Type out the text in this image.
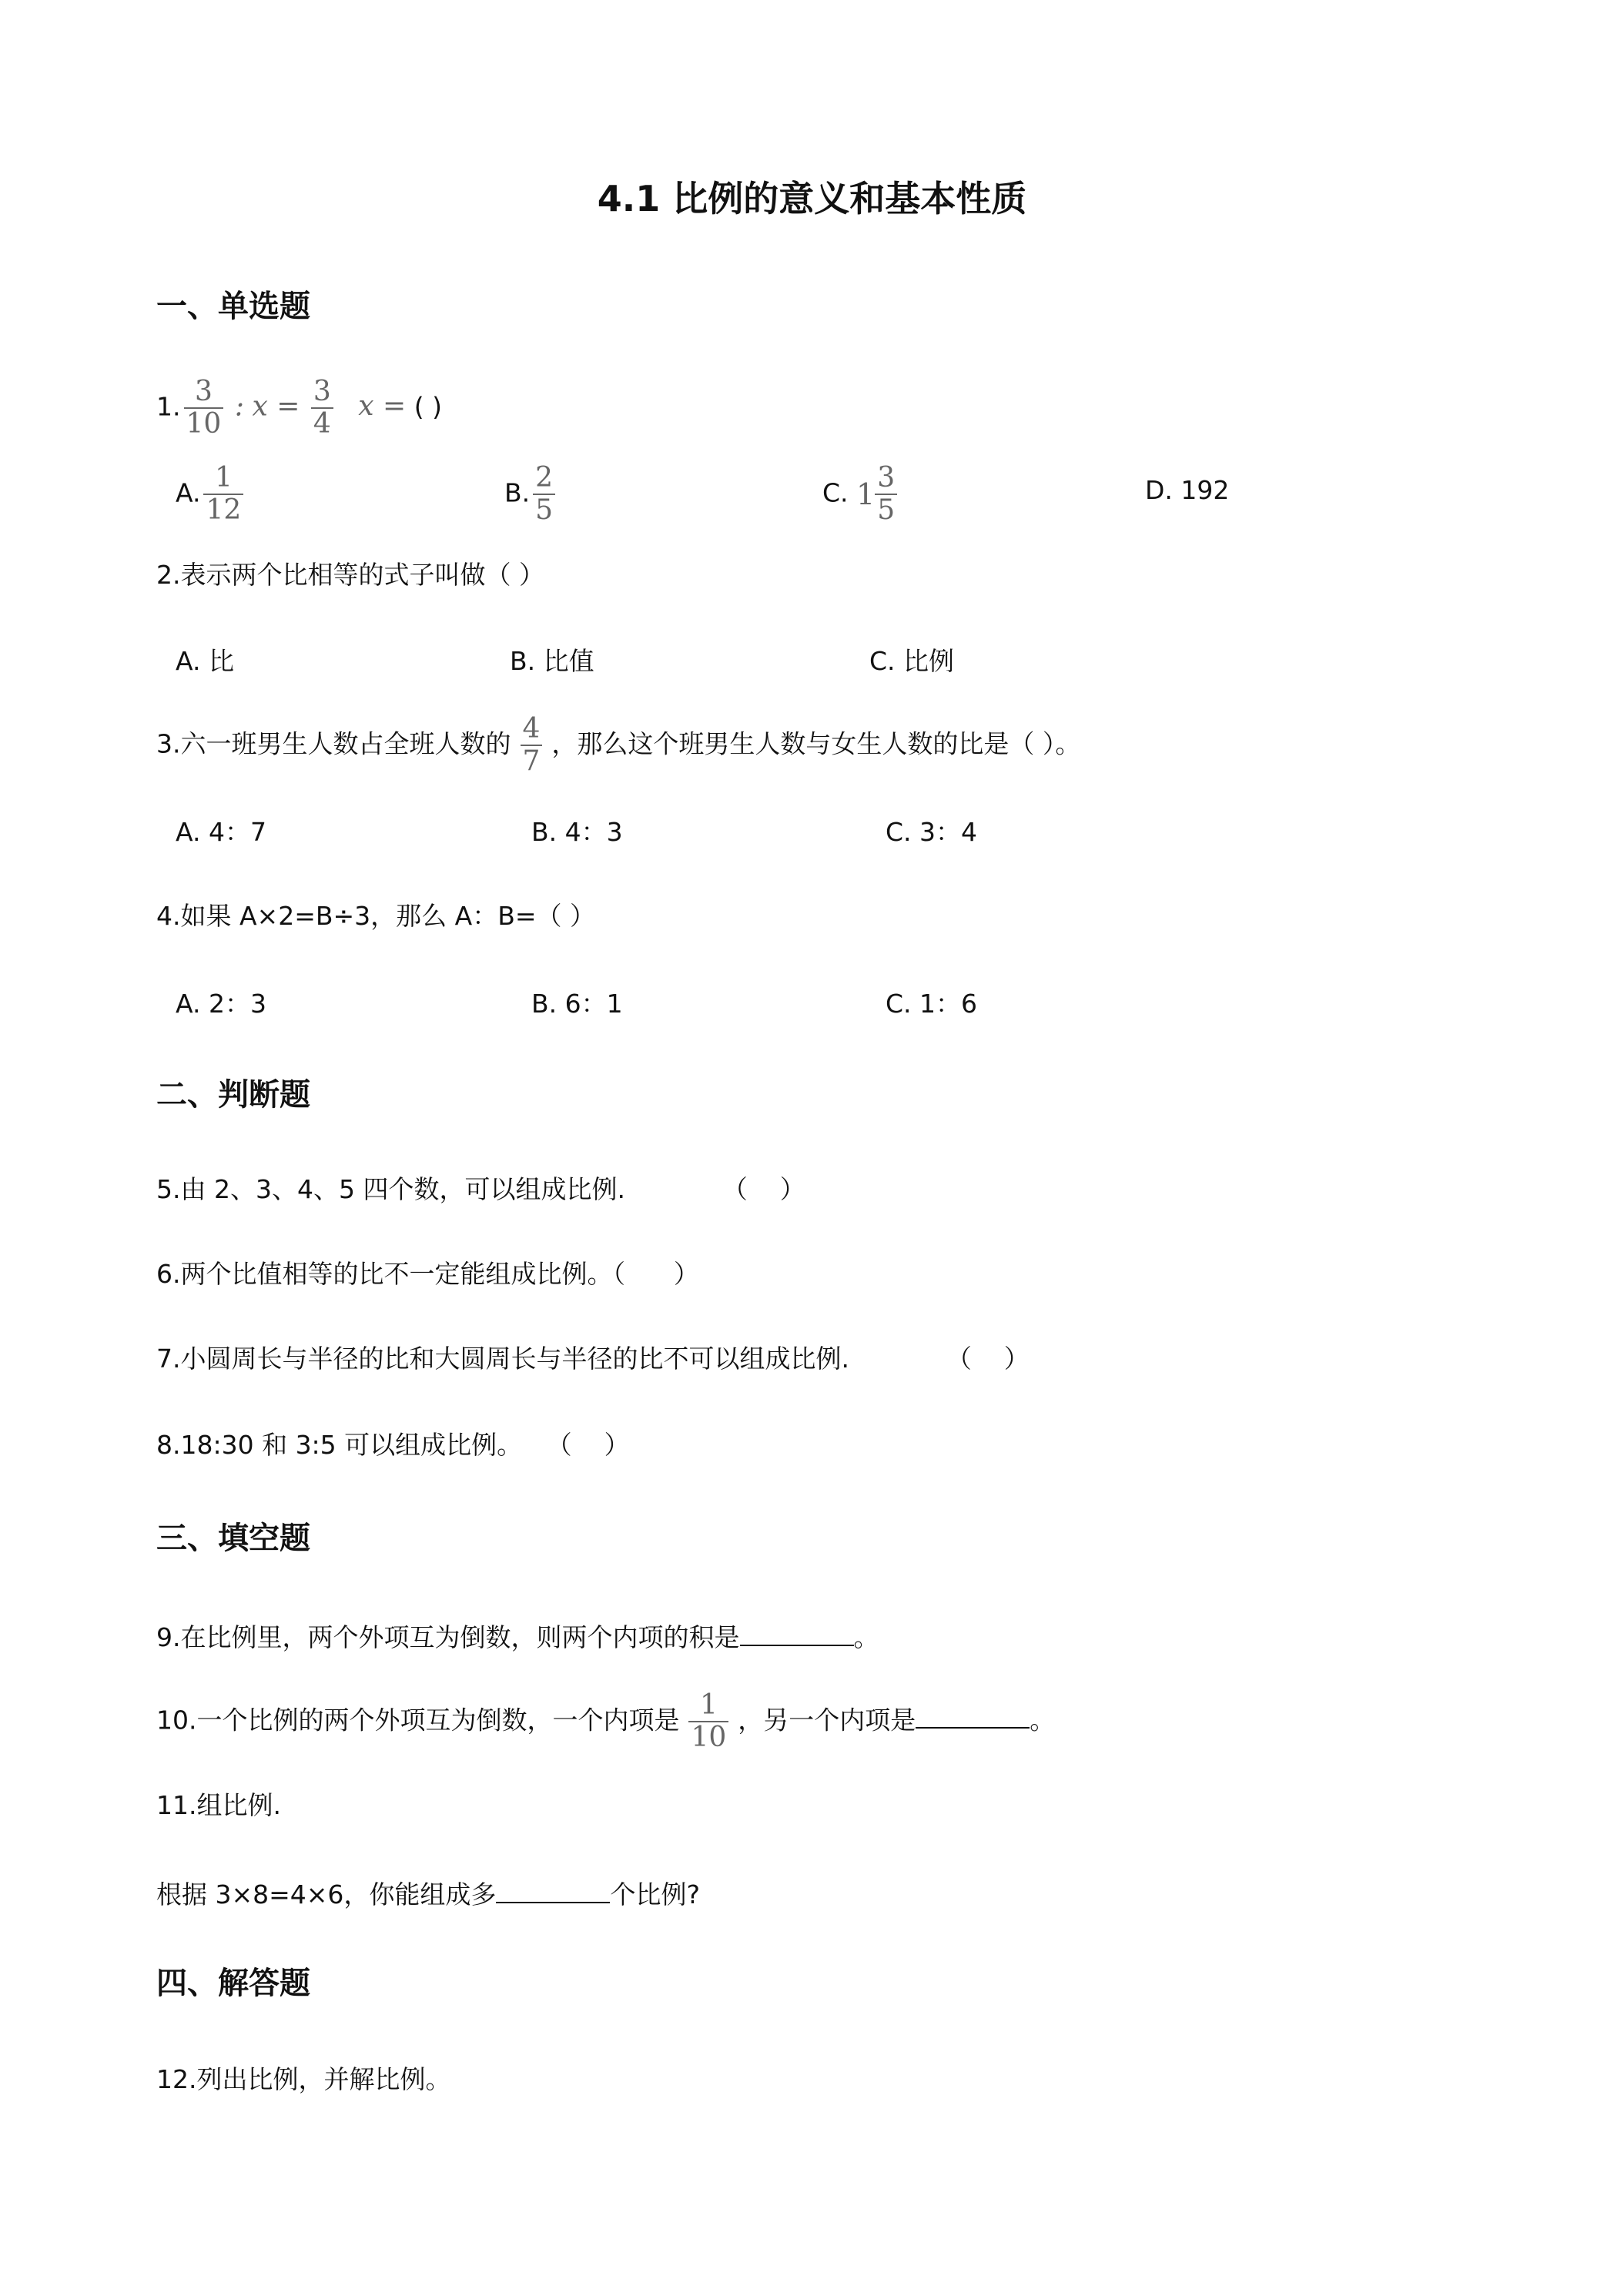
4.1 比例的意义和基本性质
一、单选题
1. $\frac{3}{10}$ : $x = \frac{3}{4}$ x = ( )
A. $\frac{1}{12}$	B. $\frac{2}{5}$	C. $1 \frac{3}{5}$	D. 192
2.表示两个比相等的式子叫做（ ）
A. 比	B. 比值	C. 比例
3.六一班男生人数占全班人数的 $\frac{4}{7}$ ，那么这个班男生人数与女生人数的比是（ ）。
A. 4：7	B. 4：3	C. 3：4
4.如果 A×2=B÷3，那么 A：B=（ ）
A. 2：3	B. 6：1	C. 1：6
二、判断题
5.由 2、3、4、5 四个数，可以组成比例.            （    ）
6.两个比值相等的比不一定能组成比例。（      ）
7.小圆周长与半径的比和大圆周长与半径的比不可以组成比例.            （    ）
8.18:30 和 3:5 可以组成比例。   （    ）
三、填空题
9.在比例里，两个外项互为倒数，则两个内项的积是	。
10.一个比例的两个外项互为倒数，一个内项是 $\frac{1}{10}$ ，另一个内项是	。
11.组比例.
根据 3×8=4×6，你能组成多	个比例?
四、解答题
12.列出比例，并解比例。
